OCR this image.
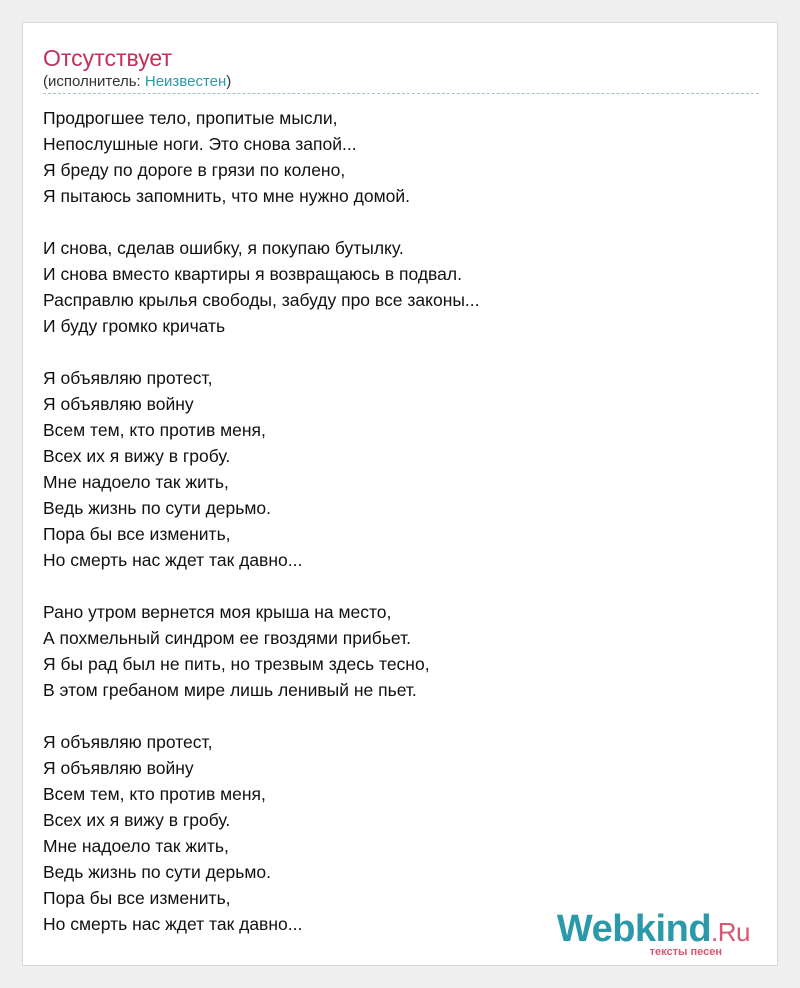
Отсутствует
(исполнитель: Неизвестен)
Продрогшее тело, пропитые мысли,
Непослушные ноги. Это снова запой...
Я бреду по дороге в грязи по колено,
Я пытаюсь запомнить, что мне нужно домой.
И снова, сделав ошибку, я покупаю бутылку.
И снова вместо квартиры я возвращаюсь в подвал.
Расправлю крылья свободы, забуду про все законы...
И буду громко кричать
Я объявляю протест,
Я объявляю войну
Всем тем, кто против меня,
Всех их я вижу в гробу.
Мне надоело так жить,
Ведь жизнь по сути дерьмо.
Пора бы все изменить,
Но смерть нас ждет так давно...
Рано утром вернется моя крыша на место,
А похмельный синдром ее гвоздями прибьет.
Я бы рад был не пить, но трезвым здесь тесно,
В этом гребаном мире лишь ленивый не пьет.
Я объявляю протест,
Я объявляю войну
Всем тем, кто против меня,
Всех их я вижу в гробу.
Мне надоело так жить,
Ведь жизнь по сути дерьмо.
Пора бы все изменить,
Но смерть нас ждет так давно...	Webkind.Ru
тексты песен
